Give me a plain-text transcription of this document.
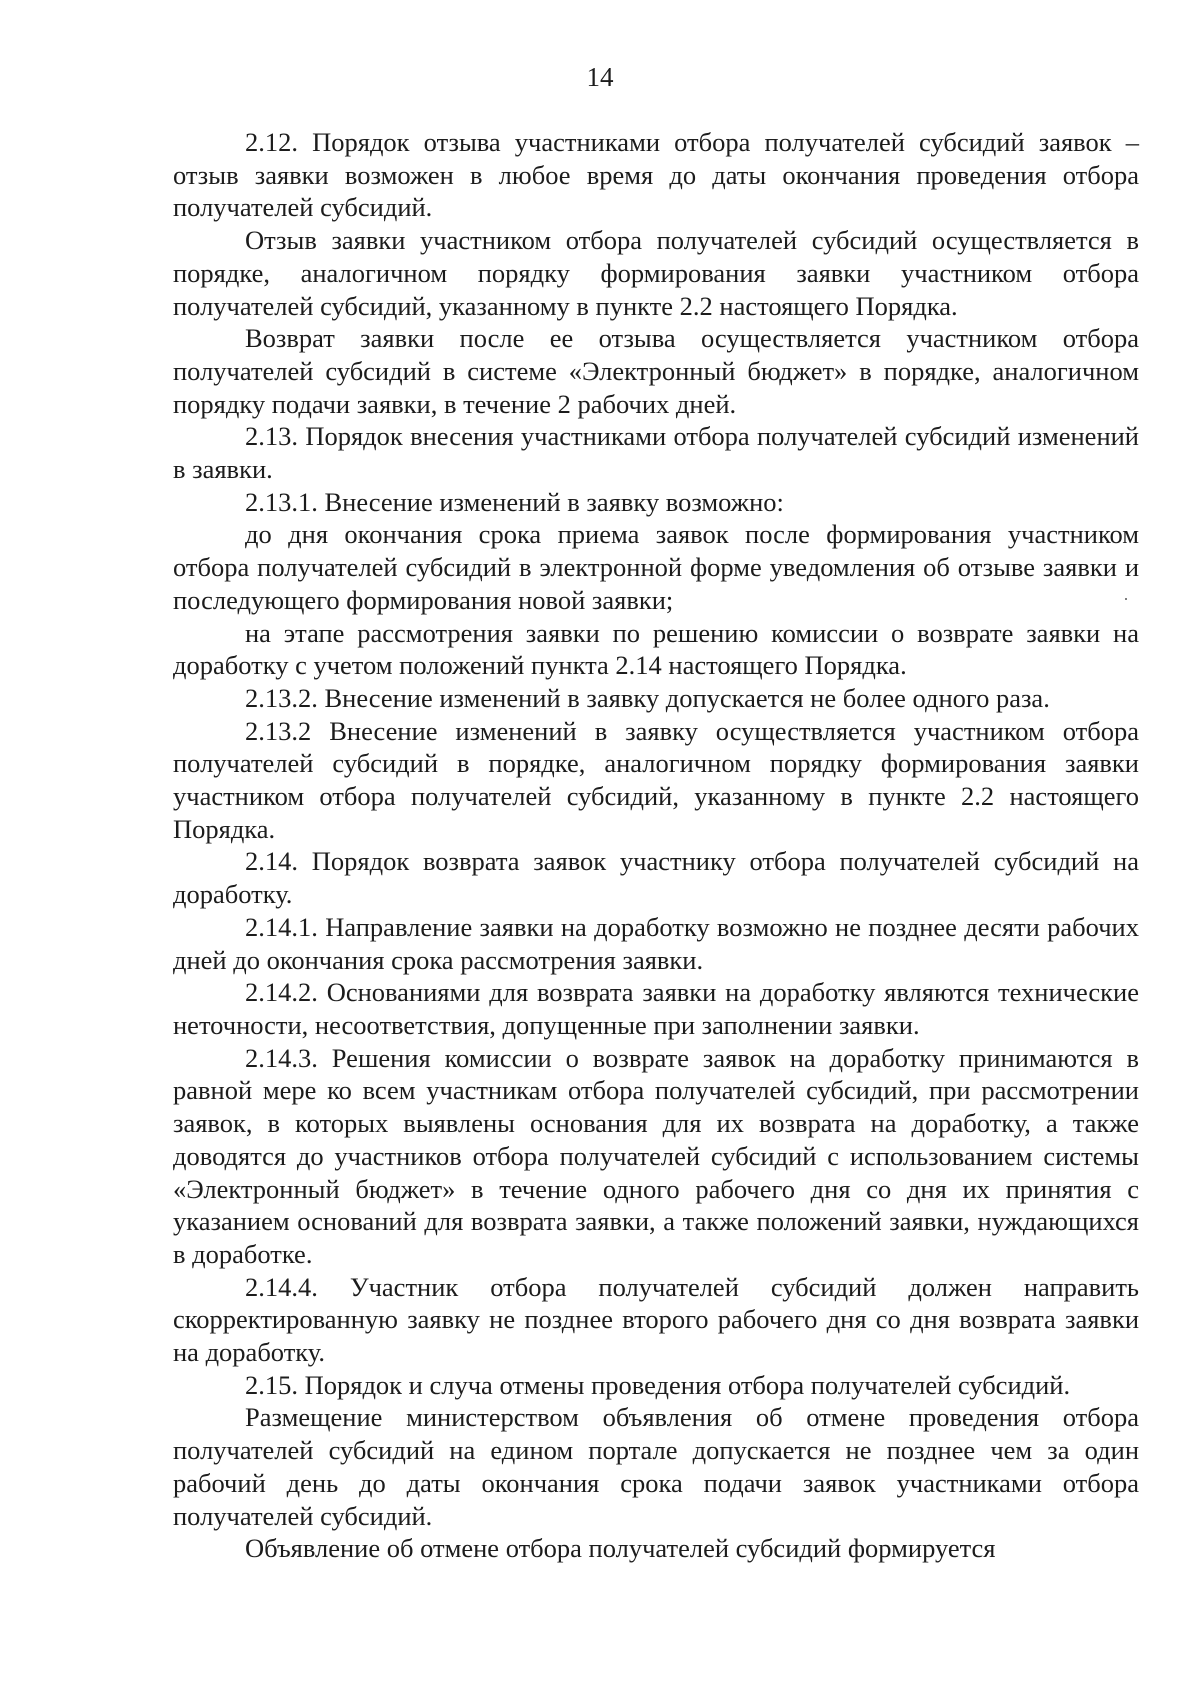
14

2.12. Порядок отзыва участниками отбора получателей субсидий заявок – отзыв заявки возможен в любое время до даты окончания проведения отбора получателей субсидий.

Отзыв заявки участником отбора получателей субсидий осуществляется в порядке, аналогичном порядку формирования заявки участником отбора получателей субсидий, указанному в пункте 2.2 настоящего Порядка.

Возврат заявки после ее отзыва осуществляется участником отбора получателей субсидий в системе «Электронный бюджет» в порядке, аналогичном порядку подачи заявки, в течение 2 рабочих дней.

2.13. Порядок внесения участниками отбора получателей субсидий изменений в заявки.

2.13.1. Внесение изменений в заявку возможно:

до дня окончания срока приема заявок после формирования участником отбора получателей субсидий в электронной форме уведомления об отзыве заявки и последующего формирования новой заявки;

на этапе рассмотрения заявки по решению комиссии о возврате заявки на доработку с учетом положений пункта 2.14 настоящего Порядка.

2.13.2. Внесение изменений в заявку допускается не более одного раза.

2.13.2 Внесение изменений в заявку осуществляется участником отбора получателей субсидий в порядке, аналогичном порядку формирования заявки участником отбора получателей субсидий, указанному в пункте 2.2 настоящего Порядка.

2.14. Порядок возврата заявок участнику отбора получателей субсидий на доработку.

2.14.1. Направление заявки на доработку возможно не позднее десяти рабочих дней до окончания срока рассмотрения заявки.

2.14.2. Основаниями для возврата заявки на доработку являются технические неточности, несоответствия, допущенные при заполнении заявки.

2.14.3. Решения комиссии о возврате заявок на доработку принимаются в равной мере ко всем участникам отбора получателей субсидий, при рассмотрении заявок, в которых выявлены основания для их возврата на доработку, а также доводятся до участников отбора получателей субсидий с использованием системы «Электронный бюджет» в течение одного рабочего дня со дня их принятия с указанием оснований для возврата заявки, а также положений заявки, нуждающихся в доработке.

2.14.4. Участник отбора получателей субсидий должен направить скорректированную заявку не позднее второго рабочего дня со дня возврата заявки на доработку.

2.15. Порядок и случа отмены проведения отбора получателей субсидий.

Размещение министерством объявления об отмене проведения отбора получателей субсидий на едином портале допускается не позднее чем за один рабочий день до даты окончания срока подачи заявок участниками отбора получателей субсидий.

Объявление об отмене отбора получателей субсидий формируется
